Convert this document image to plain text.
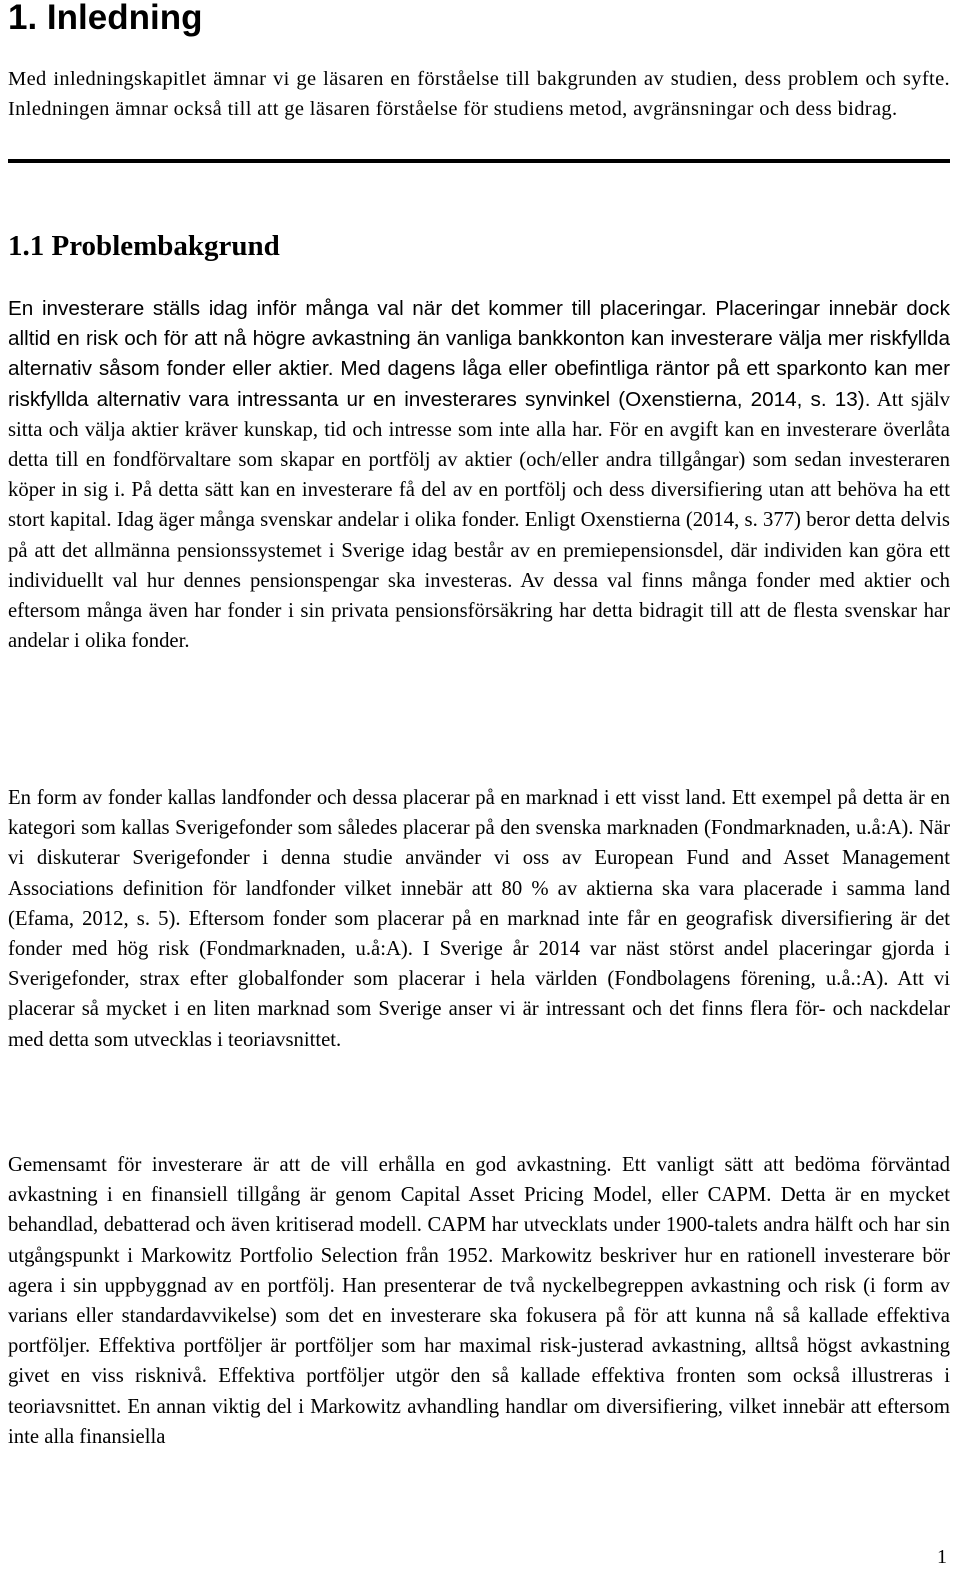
1. Inledning

Med inledningskapitlet ämnar vi ge läsaren en förståelse till bakgrunden av studien, dess problem och syfte. Inledningen ämnar också till att ge läsaren förståelse för studiens metod, avgränsningar och dess bidrag.

1.1 Problembakgrund

En investerare ställs idag inför många val när det kommer till placeringar. Placeringar innebär dock alltid en risk och för att nå högre avkastning än vanliga bankkonton kan investerare välja mer riskfyllda alternativ såsom fonder eller aktier. Med dagens låga eller obefintliga räntor på ett sparkonto kan mer riskfyllda alternativ vara intressanta ur en investerares synvinkel (Oxenstierna, 2014, s. 13). Att själv sitta och välja aktier kräver kunskap, tid och intresse som inte alla har. För en avgift kan en investerare överlåta detta till en fondförvaltare som skapar en portfölj av aktier (och/eller andra tillgångar) som sedan investeraren köper in sig i. På detta sätt kan en investerare få del av en portfölj och dess diversifiering utan att behöva ha ett stort kapital. Idag äger många svenskar andelar i olika fonder. Enligt Oxenstierna (2014, s. 377) beror detta delvis på att det allmänna pensionssystemet i Sverige idag består av en premiepensionsdel, där individen kan göra ett individuellt val hur dennes pensionspengar ska investeras. Av dessa val finns många fonder med aktier och eftersom många även har fonder i sin privata pensionsförsäkring har detta bidragit till att de flesta svenskar har andelar i olika fonder.

En form av fonder kallas landfonder och dessa placerar på en marknad i ett visst land. Ett exempel på detta är en kategori som kallas Sverigefonder som således placerar på den svenska marknaden (Fondmarknaden, u.å:A). När vi diskuterar Sverigefonder i denna studie använder vi oss av European Fund and Asset Management Associations definition för landfonder vilket innebär att 80 % av aktierna ska vara placerade i samma land (Efama, 2012, s. 5). Eftersom fonder som placerar på en marknad inte får en geografisk diversifiering är det fonder med hög risk (Fondmarknaden, u.å:A). I Sverige år 2014 var näst störst andel placeringar gjorda i Sverigefonder, strax efter globalfonder som placerar i hela världen (Fondbolagens förening, u.å.:A). Att vi placerar så mycket i en liten marknad som Sverige anser vi är intressant och det finns flera för- och nackdelar med detta som utvecklas i teoriavsnittet.

Gemensamt för investerare är att de vill erhålla en god avkastning. Ett vanligt sätt att bedöma förväntad avkastning i en finansiell tillgång är genom Capital Asset Pricing Model, eller CAPM. Detta är en mycket behandlad, debatterad och även kritiserad modell. CAPM har utvecklats under 1900-talets andra hälft och har sin utgångspunkt i Markowitz Portfolio Selection från 1952. Markowitz beskriver hur en rationell investerare bör agera i sin uppbyggnad av en portfölj. Han presenterar de två nyckelbegreppen avkastning och risk (i form av varians eller standardavvikelse) som det en investerare ska fokusera på för att kunna nå så kallade effektiva portföljer. Effektiva portföljer är portföljer som har maximal risk-justerad avkastning, alltså högst avkastning givet en viss risknivå. Effektiva portföljer utgör den så kallade effektiva fronten som också illustreras i teoriavsnittet. En annan viktig del i Markowitz avhandling handlar om diversifiering, vilket innebär att eftersom inte alla finansiella

1
